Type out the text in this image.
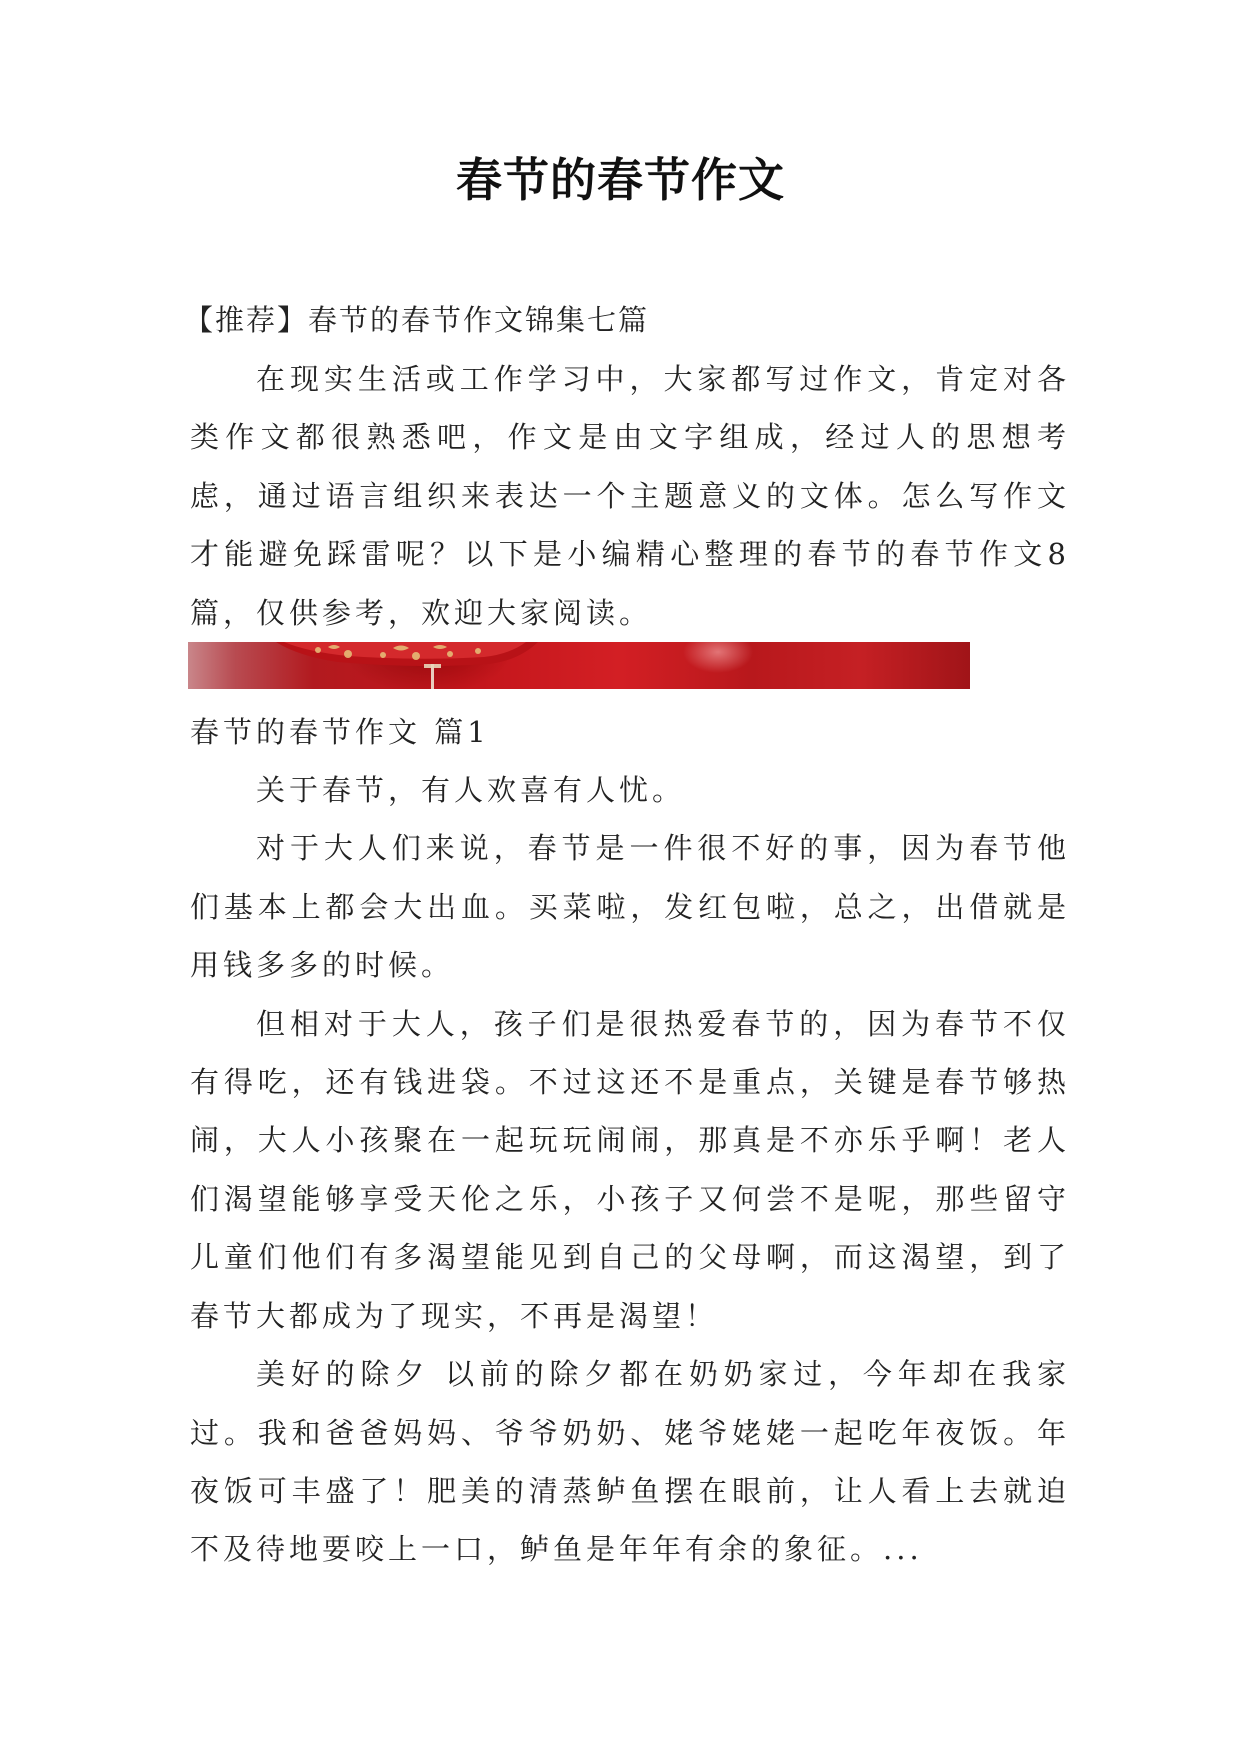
春节的春节作文

【推荐】春节的春节作文锦集七篇

在现实生活或工作学习中，大家都写过作文，肯定对各类作文都很熟悉吧，作文是由文字组成，经过人的思想考虑，通过语言组织来表达一个主题意义的文体。怎么写作文才能避免踩雷呢？以下是小编精心整理的春节的春节作文8篇，仅供参考，欢迎大家阅读。

春节的春节作文 篇1

关于春节，有人欢喜有人忧。

对于大人们来说，春节是一件很不好的事，因为春节他们基本上都会大出血。买菜啦，发红包啦，总之，出借就是用钱多多的时候。

但相对于大人，孩子们是很热爱春节的，因为春节不仅有得吃，还有钱进袋。不过这还不是重点，关键是春节够热闹，大人小孩聚在一起玩玩闹闹，那真是不亦乐乎啊！老人们渴望能够享受天伦之乐，小孩子又何尝不是呢，那些留守儿童们他们有多渴望能见到自己的父母啊，而这渴望，到了春节大都成为了现实，不再是渴望！

美好的除夕 以前的除夕都在奶奶家过，今年却在我家过。我和爸爸妈妈、爷爷奶奶、姥爷姥姥一起吃年夜饭。年夜饭可丰盛了！肥美的清蒸鲈鱼摆在眼前，让人看上去就迫不及待地要咬上一口，鲈鱼是年年有余的象征。...
